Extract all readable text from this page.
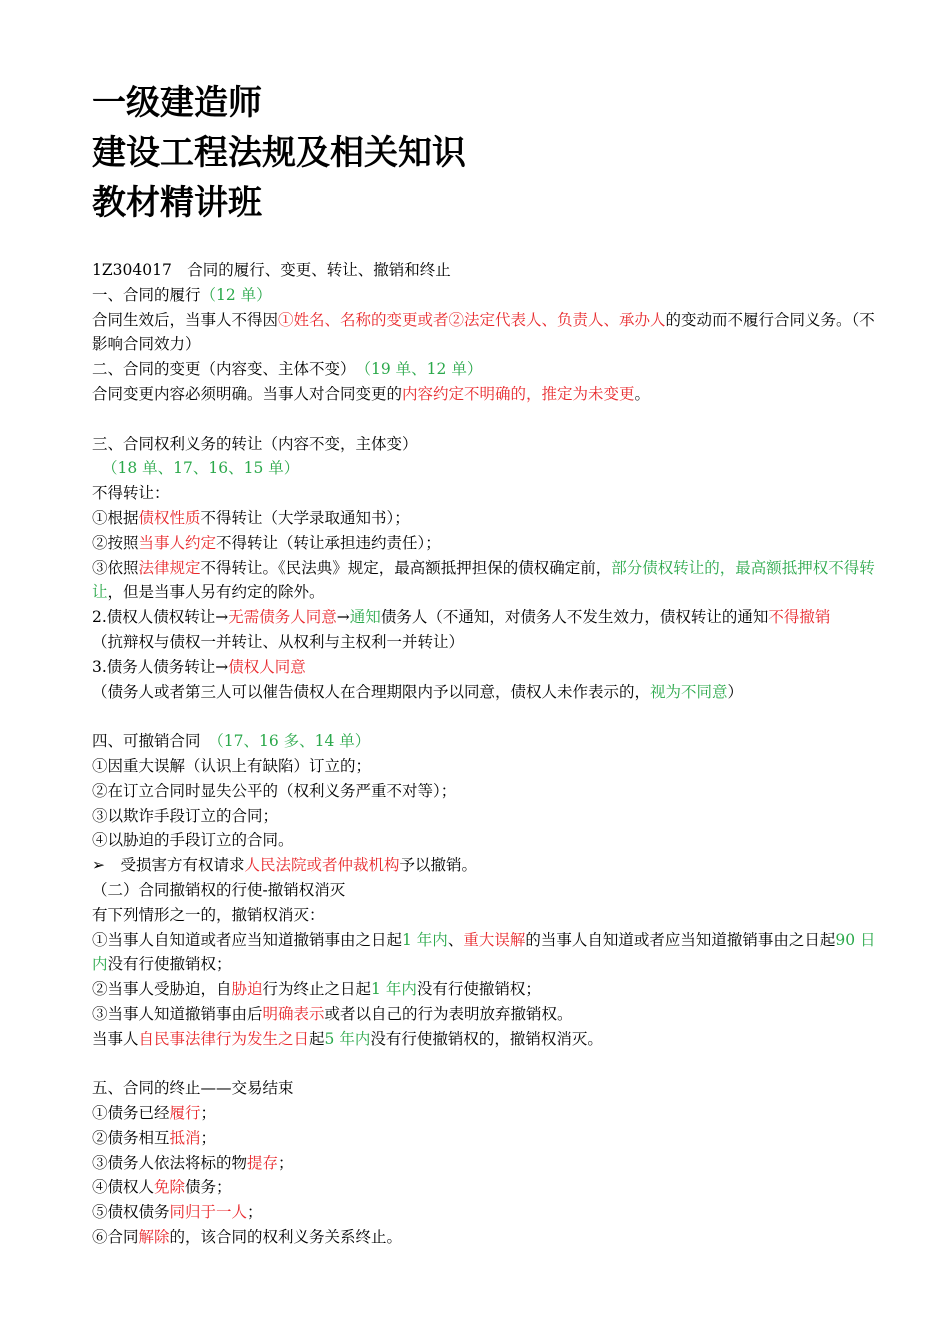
一级建造师
建设工程法规及相关知识
教材精讲班
1Z304017　合同的履行、变更、转让、撤销和终止
一、合同的履行（12 单）
合同生效后，当事人不得因①姓名、名称的变更或者②法定代表人、负责人、承办人的变动而不履行合同义务。（不影响合同效力）
二、合同的变更（内容变、主体不变）　（19 单、12 单）
合同变更内容必须明确。当事人对合同变更的内容约定不明确的，推定为未变更。
三、合同权利义务的转让（内容不变，主体变）
（18 单、17、16、15 单）
不得转让：
①根据债权性质不得转让（大学录取通知书）；
②按照当事人约定不得转让（转让承担违约责任）；
③依照法律规定不得转让。《民法典》规定，最高额抵押担保的债权确定前，部分债权转让的，最高额抵押权不得转让，但是当事人另有约定的除外。
2.债权人债权转让→无需债务人同意→通知债务人（不通知，对债务人不发生效力，债权转让的通知不得撤销
（抗辩权与债权一并转让、从权利与主权利一并转让）
3.债务人债务转让→债权人同意
（债务人或者第三人可以催告债权人在合理期限内予以同意，债权人未作表示的，视为不同意）
四、可撤销合同　（17、16 多、14 单）
①因重大误解（认识上有缺陷）订立的；
②在订立合同时显失公平的（权利义务严重不对等）；
③以欺诈手段订立的合同；
④以胁迫的手段订立的合同。
➢　受损害方有权请求人民法院或者仲裁机构予以撤销。
（二）合同撤销权的行使-撤销权消灭
有下列情形之一的，撤销权消灭：
①当事人自知道或者应当知道撤销事由之日起1 年内、重大误解的当事人自知道或者应当知道撤销事由之日起90 日内没有行使撤销权；
②当事人受胁迫，自胁迫行为终止之日起1 年内没有行使撤销权；
③当事人知道撤销事由后明确表示或者以自己的行为表明放弃撤销权。
当事人自民事法律行为发生之日起5 年内没有行使撤销权的，撤销权消灭。
五、合同的终止——交易结束
①债务已经履行；
②债务相互抵消；
③债务人依法将标的物提存；
④债权人免除债务；
⑤债权债务同归于一人；
⑥合同解除的，该合同的权利义务关系终止。
